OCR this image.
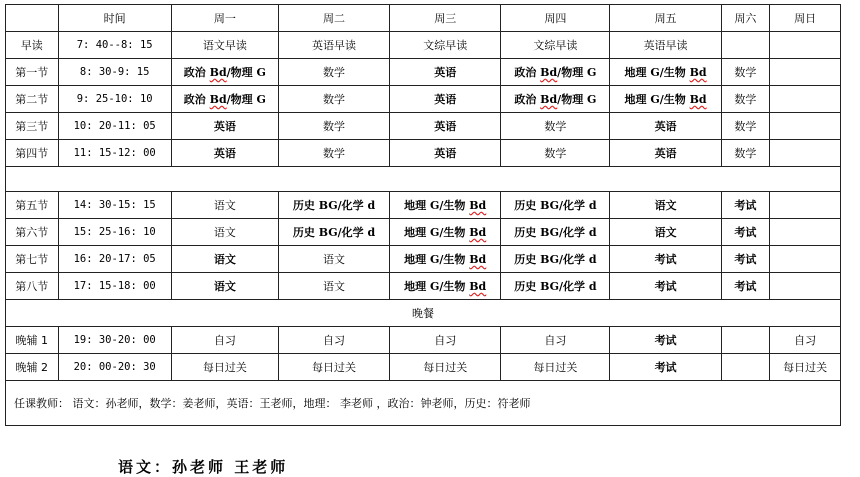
	时间	周一	周二	周三	周四	周五	周六	周日
早读	7: 40--8: 15	语文早读	英语早读	文综早读	文综早读	英语早读		
第一节	8: 30-9: 15	政治 Bd/物理 G	数学	英语	政治 Bd/物理 G	地理 G/生物 Bd	数学	
第二节	9: 25-10: 10	政治 Bd/物理 G	数学	英语	政治 Bd/物理 G	地理 G/生物 Bd	数学	
第三节	10: 20-11: 05	英语	数学	英语	数学	英语	数学	
第四节	11: 15-12: 00	英语	数学	英语	数学	英语	数学	

第五节	14: 30-15: 15	语文	历史 BG/化学 d	地理 G/生物 Bd	历史 BG/化学 d	语文	考试	
第六节	15: 25-16: 10	语文	历史 BG/化学 d	地理 G/生物 Bd	历史 BG/化学 d	语文	考试	
第七节	16: 20-17: 05	语文	语文	地理 G/生物 Bd	历史 BG/化学 d	考试	考试	
第八节	17: 15-18: 00	语文	语文	地理 G/生物 Bd	历史 BG/化学 d	考试	考试	
晚餐								
晚辅 1	19: 30-20: 00	自习	自习	自习	自习	考试		自习
晚辅 2	20: 00-20: 30	每日过关	每日过关	每日过关	每日过关	考试		每日过关
任课教师： 语文：孙老师，数学：姜老师，英语：王老师，地理： 李老师 ，政治：钟老师，历史：符老师								
语文：孙老师 王老师
